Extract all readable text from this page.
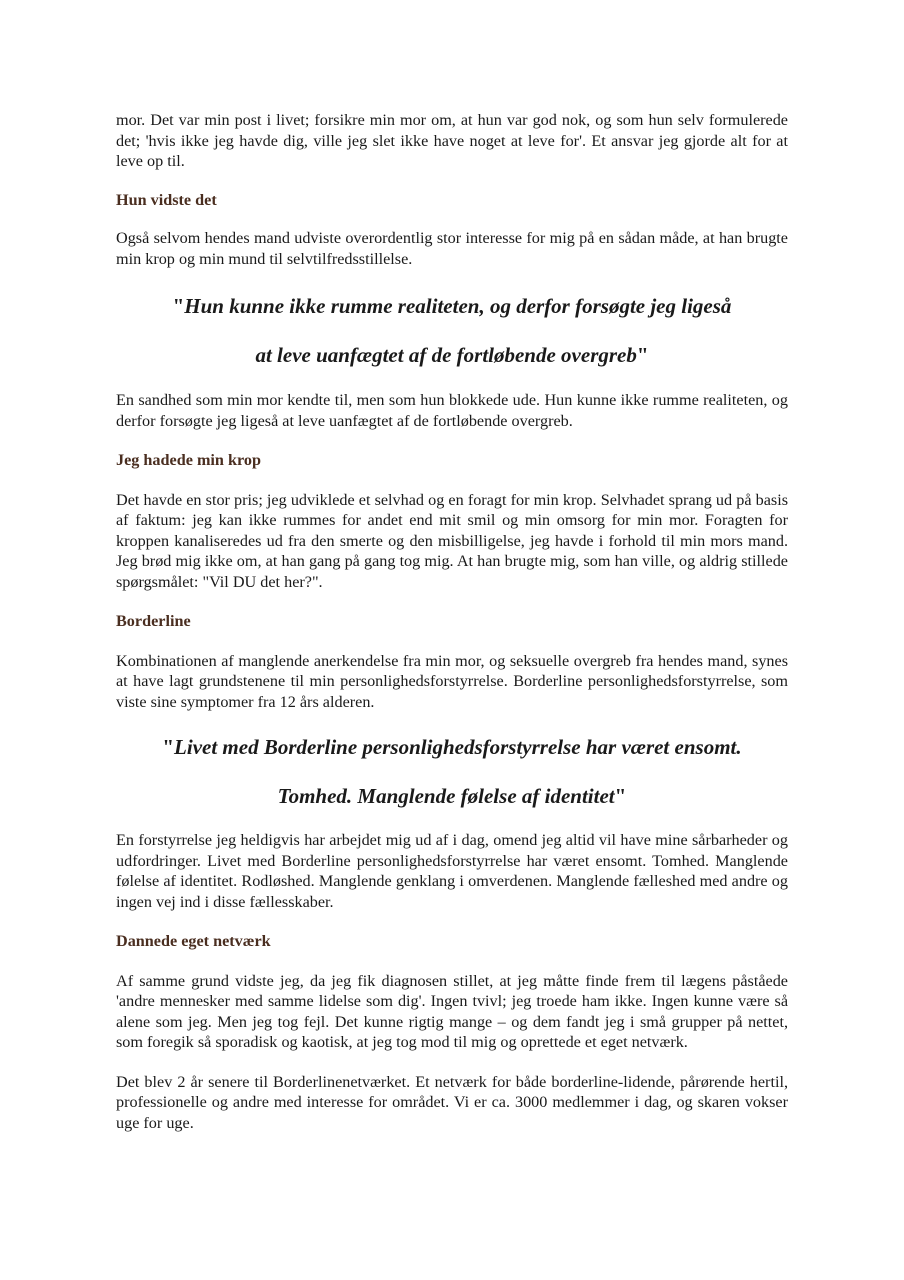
mor. Det var min post i livet; forsikre min mor om, at hun var god nok, og som hun selv formulerede det; 'hvis ikke jeg havde dig, ville jeg slet ikke have noget at leve for'. Et ansvar jeg gjorde alt for at leve op til.

Hun vidste det

Også selvom hendes mand udviste overordentlig stor interesse for mig på en sådan måde, at han brugte min krop og min mund til selvtilfredsstillelse.

"Hun kunne ikke rumme realiteten, og derfor forsøgte jeg ligeså

at leve uanfægtet af de fortløbende overgreb"

En sandhed som min mor kendte til, men som hun blokkede ude. Hun kunne ikke rumme realiteten, og derfor forsøgte jeg ligeså at leve uanfægtet af de fortløbende overgreb.

Jeg hadede min krop

Det havde en stor pris; jeg udviklede et selvhad og en foragt for min krop. Selvhadet sprang ud på basis af faktum: jeg kan ikke rummes for andet end mit smil og min omsorg for min mor. Foragten for kroppen kanaliseredes ud fra den smerte og den misbilligelse, jeg havde i forhold til min mors mand. Jeg brød mig ikke om, at han gang på gang tog mig. At han brugte mig, som han ville, og aldrig stillede spørgsmålet: "Vil DU det her?".

Borderline

Kombinationen af manglende anerkendelse fra min mor, og seksuelle overgreb fra hendes mand, synes at have lagt grundstenene til min personlighedsforstyrrelse. Borderline personlighedsforstyrrelse, som viste sine symptomer fra 12 års alderen.

"Livet med Borderline personlighedsforstyrrelse har været ensomt.

Tomhed. Manglende følelse af identitet"

En forstyrrelse jeg heldigvis har arbejdet mig ud af i dag, omend jeg altid vil have mine sårbarheder og udfordringer. Livet med Borderline personlighedsforstyrrelse har været ensomt. Tomhed. Manglende følelse af identitet. Rodløshed. Manglende genklang i omverdenen. Manglende fælleshed med andre og ingen vej ind i disse fællesskaber.

Dannede eget netværk

Af samme grund vidste jeg, da jeg fik diagnosen stillet, at jeg måtte finde frem til lægens påståede 'andre mennesker med samme lidelse som dig'. Ingen tvivl; jeg troede ham ikke. Ingen kunne være så alene som jeg. Men jeg tog fejl. Det kunne rigtig mange – og dem fandt jeg i små grupper på nettet, som foregik så sporadisk og kaotisk, at jeg tog mod til mig og oprettede et eget netværk.

Det blev 2 år senere til Borderlinenetværket. Et netværk for både borderline-lidende, pårørende hertil, professionelle og andre med interesse for området. Vi er ca. 3000 medlemmer i dag, og skaren vokser uge for uge.
